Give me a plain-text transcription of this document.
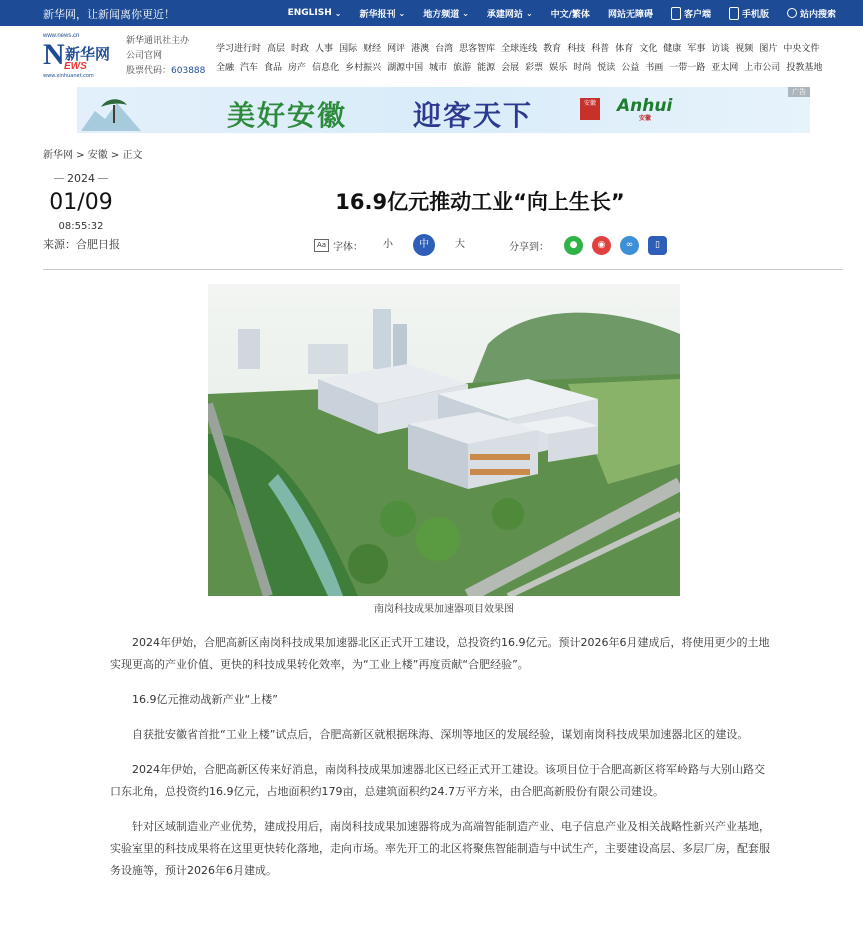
新华网，让新闻离你更近！	ENGLISH ⌄ 新华报刊 ⌄ 地方频道 ⌄ 承建网站 ⌄ 中文/繁体 网站无障碍	客户端	手机版	站内搜索
www.news.cn
N 新华网
EWS
www.xinhuanet.com
新华通讯社主办
公司官网
股票代码：603888
学习进行时 高层 时政 人事 国际 财经 网评 港澳 台湾 思客智库 全球连线 教育 科技 科普 体育 文化 健康 军事 访谈 视频 图片 中央文件
全融 汽车 食品 房产 信息化 乡村振兴 湖源中国 城市 旅游 能源 会展 彩票 娱乐 时尚 悦读 公益 书画 一带一路 亚太网 上市公司 投教基地
美好安徽 迎客天下	安徽 Anhui
安徽
广告
新华网 > 安徽 > 正文
2024
01/09
08:55:32
来源：合肥日报
16.9亿元推动工业“向上生长”
Aa 字体：	小	中	大	分享到：	●	◉	∞	▯
南岗科技成果加速器项目效果图

2024年伊始，合肥高新区南岗科技成果加速器北区正式开工建设，总投资约16.9亿元。预计2026年6月建成后，将使用更少的土地实现更高的产业价值、更快的科技成果转化效率，为“工业上楼”再度贡献“合肥经验”。

16.9亿元推动战新产业“上楼”

自获批安徽省首批“工业上楼”试点后，合肥高新区就根据珠海、深圳等地区的发展经验，谋划南岗科技成果加速器北区的建设。

2024年伊始，合肥高新区传来好消息，南岗科技成果加速器北区已经正式开工建设。该项目位于合肥高新区将军岭路与大别山路交口东北角，总投资约16.9亿元，占地面积约179亩，总建筑面积约24.7万平方米，由合肥高新股份有限公司建设。

针对区域制造业产业优势，建成投用后，南岗科技成果加速器将成为高端智能制造产业、电子信息产业及相关战略性新兴产业基地，实验室里的科技成果将在这里更快转化落地，走向市场。率先开工的北区将聚焦智能制造与中试生产，主要建设高层、多层厂房，配套服务设施等，预计2026年6月建成。
